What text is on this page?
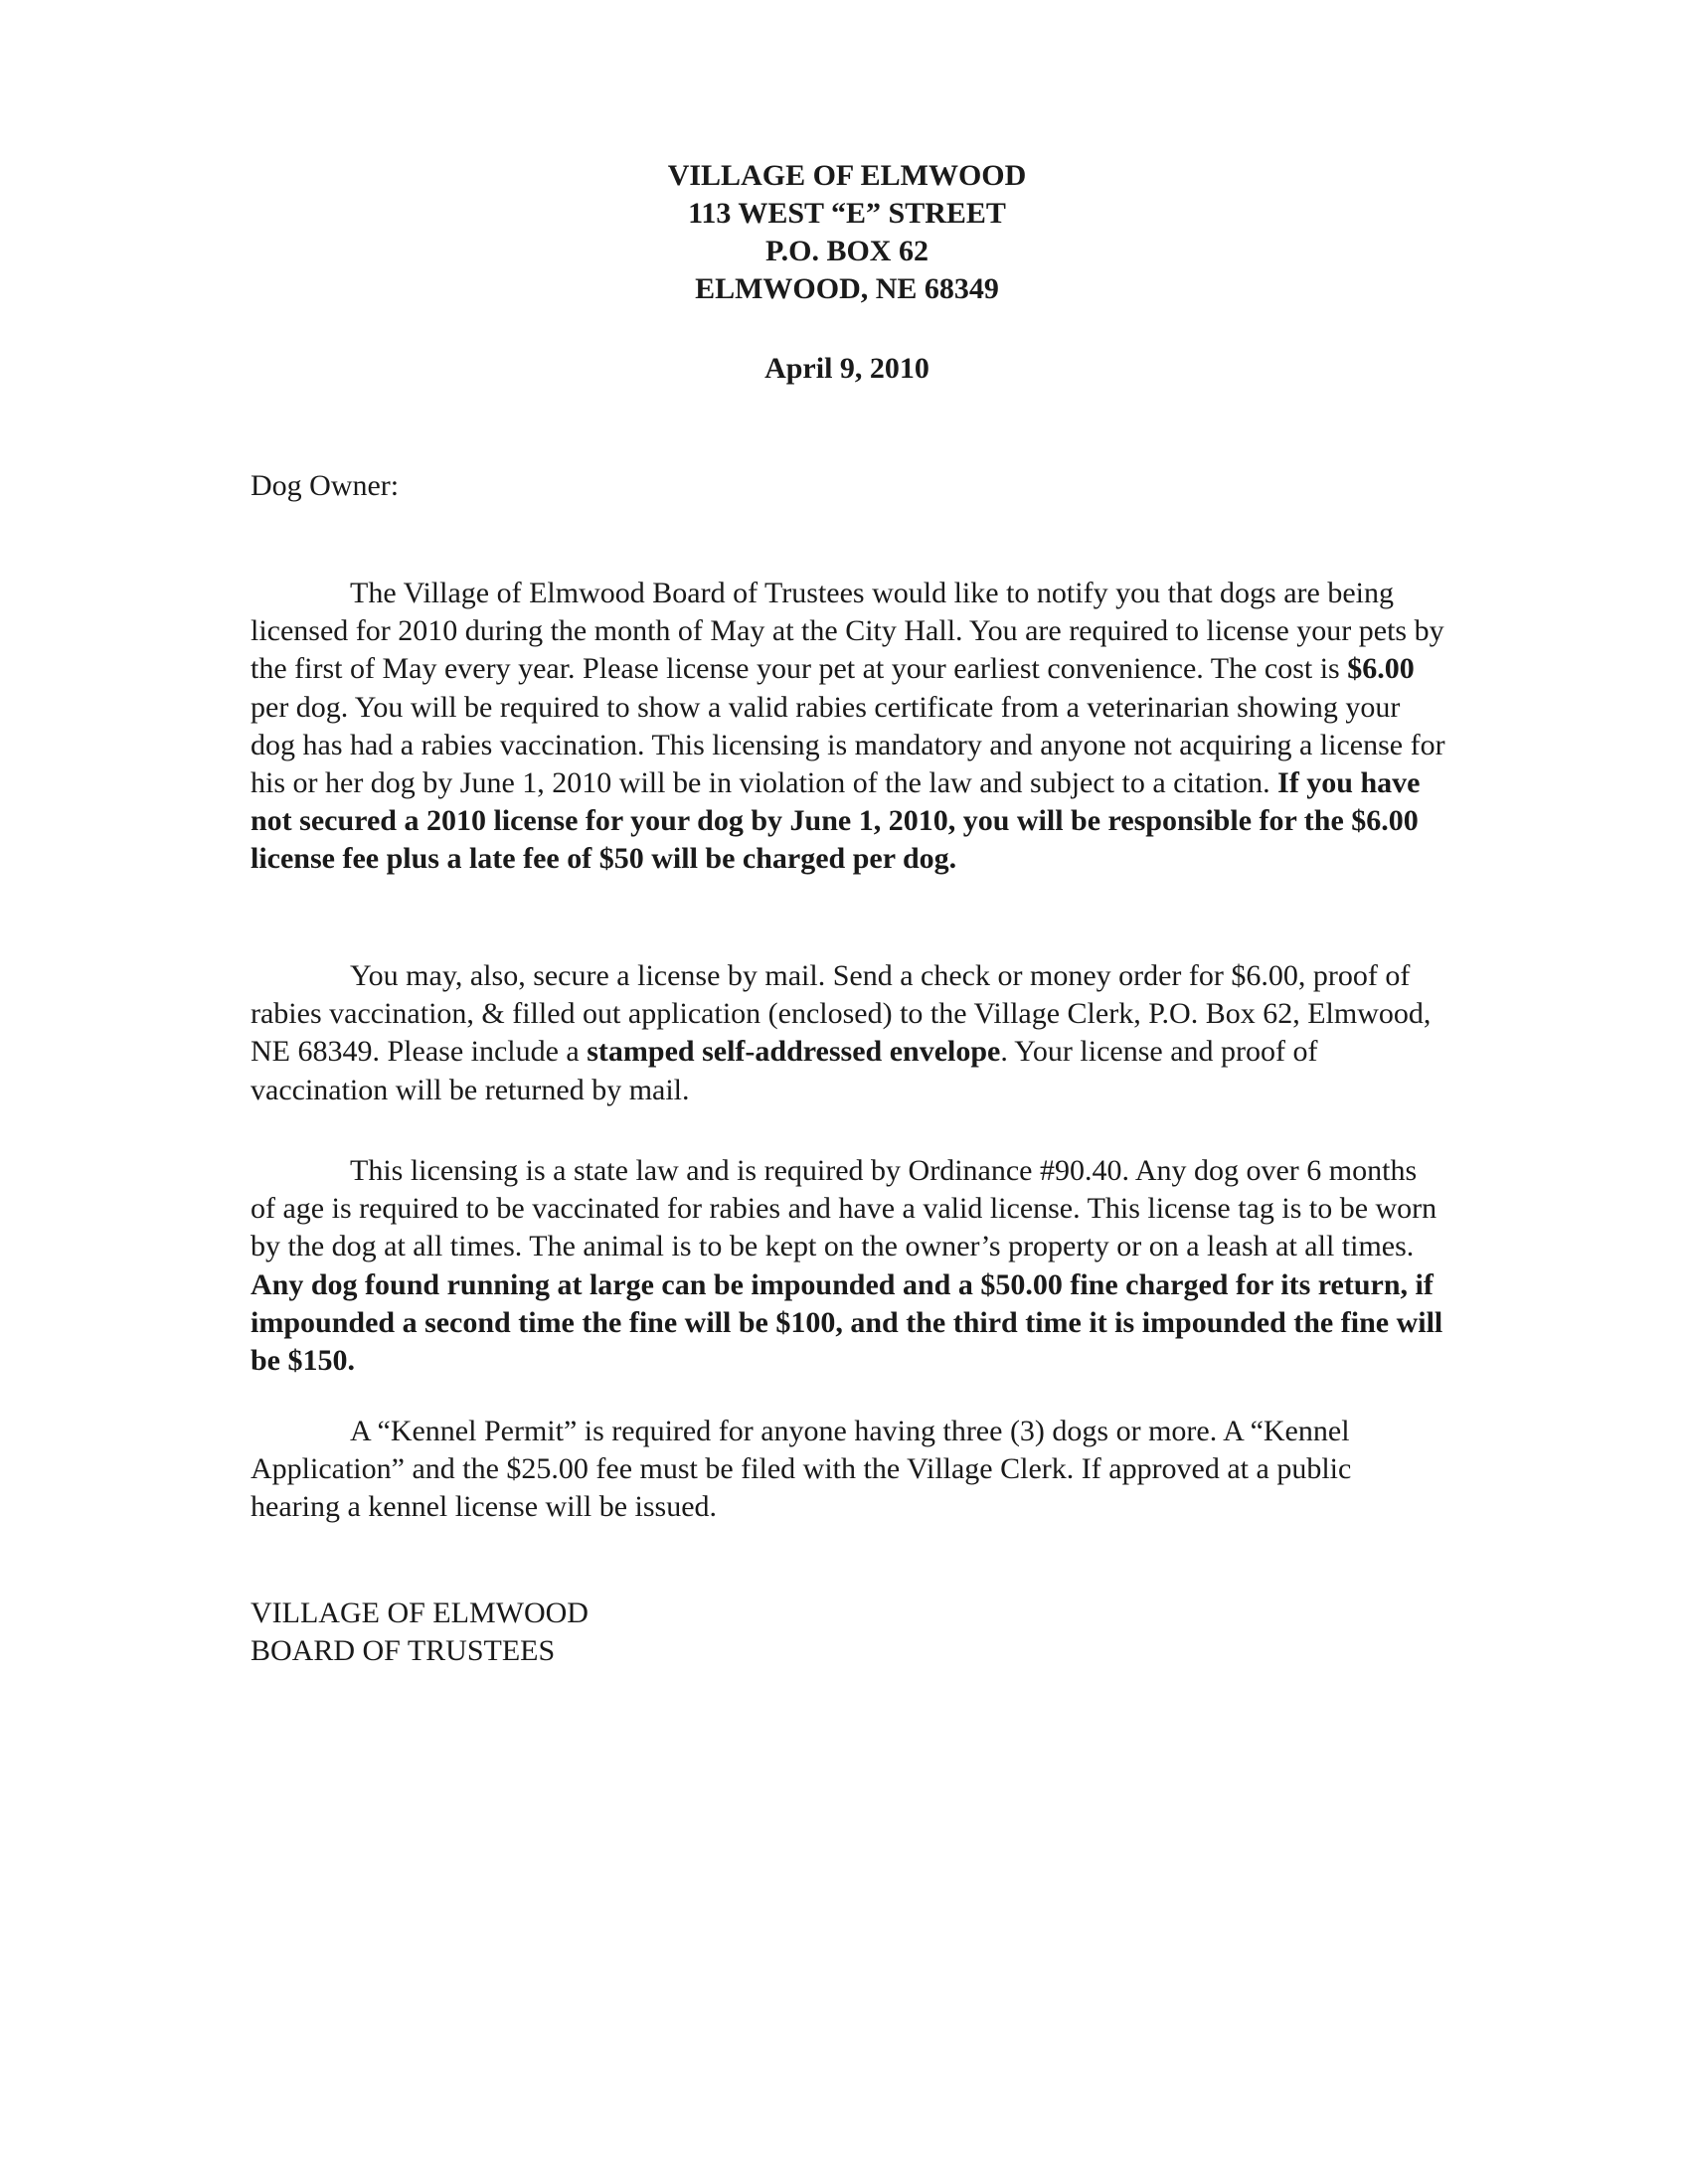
VILLAGE OF ELMWOOD
113 WEST “E” STREET
P.O. BOX 62
ELMWOOD, NE 68349
April 9, 2010
Dog Owner:

The Village of Elmwood Board of Trustees would like to notify you that dogs are being licensed for 2010 during the month of May at the City Hall. You are required to license your pets by the first of May every year. Please license your pet at your earliest convenience. The cost is $6.00 per dog. You will be required to show a valid rabies certificate from a veterinarian showing your dog has had a rabies vaccination. This licensing is mandatory and anyone not acquiring a license for his or her dog by June 1, 2010 will be in violation of the law and subject to a citation. If you have not secured a 2010 license for your dog by June 1, 2010, you will be responsible for the $6.00 license fee plus a late fee of $50 will be charged per dog.

You may, also, secure a license by mail. Send a check or money order for $6.00, proof of rabies vaccination, & filled out application (enclosed) to the Village Clerk, P.O. Box 62, Elmwood, NE 68349. Please include a stamped self-addressed envelope. Your license and proof of vaccination will be returned by mail.

This licensing is a state law and is required by Ordinance #90.40. Any dog over 6 months of age is required to be vaccinated for rabies and have a valid license. This license tag is to be worn by the dog at all times. The animal is to be kept on the owner’s property or on a leash at all times. Any dog found running at large can be impounded and a $50.00 fine charged for its return, if impounded a second time the fine will be $100, and the third time it is impounded the fine will be $150.

A “Kennel Permit” is required for anyone having three (3) dogs or more. A “Kennel Application” and the $25.00 fee must be filed with the Village Clerk. If approved at a public hearing a kennel license will be issued.

VILLAGE OF ELMWOOD
BOARD OF TRUSTEES
